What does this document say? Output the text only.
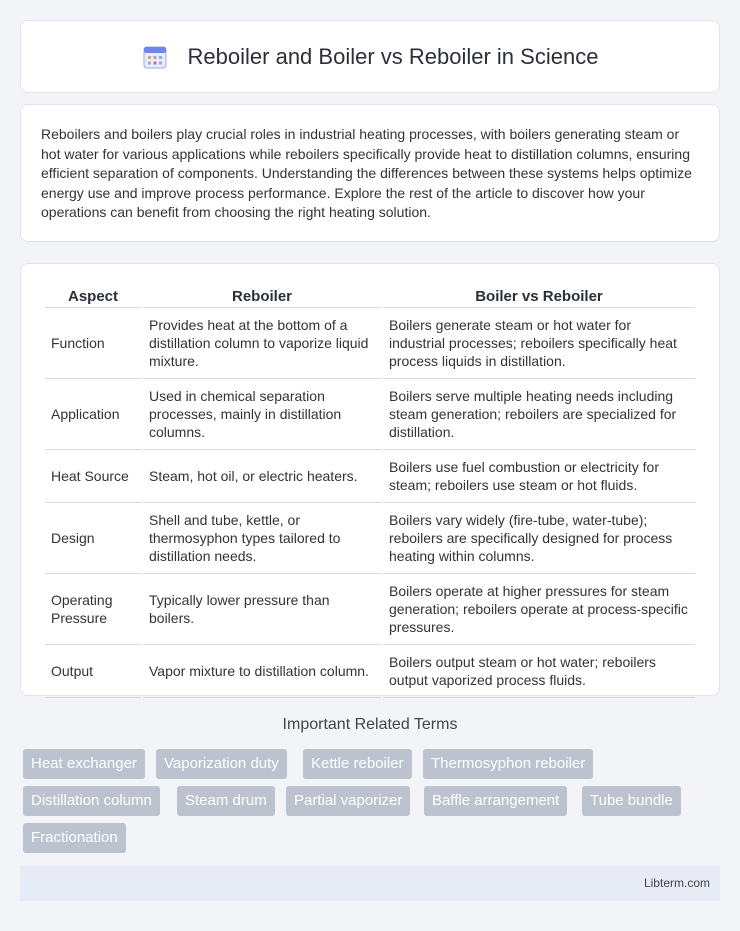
Reboiler and Boiler vs Reboiler in Science

Reboilers and boilers play crucial roles in industrial heating processes, with boilers generating steam or hot water for various applications while reboilers specifically provide heat to distillation columns, ensuring efficient separation of components. Understanding the differences between these systems helps optimize energy use and improve process performance. Explore the rest of the article to discover how your operations can benefit from choosing the right heating solution.

Aspect	Reboiler	Boiler vs Reboiler
Function	Provides heat at the bottom of a distillation column to vaporize liquid mixture.	Boilers generate steam or hot water for industrial processes; reboilers specifically heat process liquids in distillation.
Application	Used in chemical separation processes, mainly in distillation columns.	Boilers serve multiple heating needs including steam generation; reboilers are specialized for distillation.
Heat Source	Steam, hot oil, or electric heaters.	Boilers use fuel combustion or electricity for steam; reboilers use steam or hot fluids.
Design	Shell and tube, kettle, or thermosyphon types tailored to distillation needs.	Boilers vary widely (fire-tube, water-tube); reboilers are specifically designed for process heating within columns.
Operating Pressure	Typically lower pressure than boilers.	Boilers operate at higher pressures for steam generation; reboilers operate at process-specific pressures.
Output	Vapor mixture to distillation column.	Boilers output steam or hot water; reboilers output vaporized process fluids.
Important Related Terms
Heat exchanger	Vaporization duty	Kettle reboiler	Thermosyphon reboiler
Distillation column	Steam drum	Partial vaporizer	Baffle arrangement	Tube bundle
Fractionation
Libterm.com
